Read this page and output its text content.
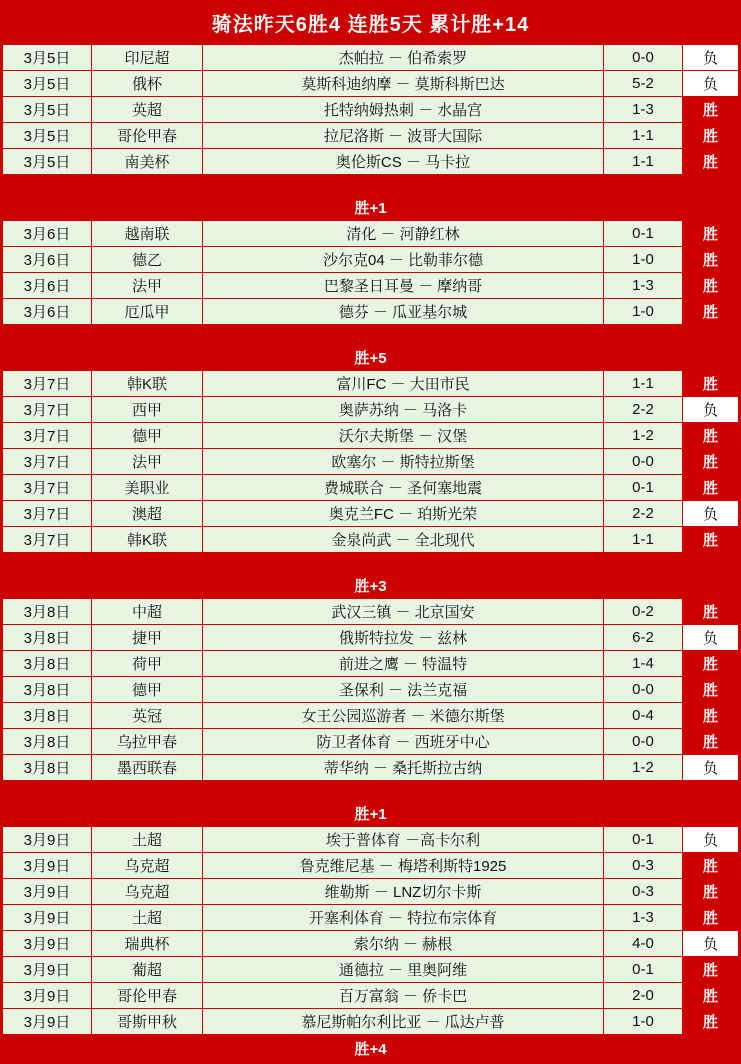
骑法昨天6胜4 连胜5天 累计胜+14
3月5日	印尼超	杰帕拉 － 伯希索罗	0-0	负
3月5日	俄杯	莫斯科迪纳摩 － 莫斯科斯巴达	5-2	负
3月5日	英超	托特纳姆热刺 － 水晶宫	1-3	胜
3月5日	哥伦甲春	拉尼洛斯 － 波哥大国际	1-1	胜
3月5日	南美杯	奥伦斯CS － 马卡拉	1-1	胜

胜+1				
3月6日	越南联	清化 － 河静红林	0-1	胜
3月6日	德乙	沙尔克04 － 比勒菲尔德	1-0	胜
3月6日	法甲	巴黎圣日耳曼 － 摩纳哥	1-3	胜
3月6日	厄瓜甲	德芬 － 瓜亚基尔城	1-0	胜

胜+5				
3月7日	韩K联	富川FC － 大田市民	1-1	胜
3月7日	西甲	奥萨苏纳 － 马洛卡	2-2	负
3月7日	德甲	沃尔夫斯堡 － 汉堡	1-2	胜
3月7日	法甲	欧塞尔 － 斯特拉斯堡	0-0	胜
3月7日	美职业	费城联合 － 圣何塞地震	0-1	胜
3月7日	澳超	奥克兰FC － 珀斯光荣	2-2	负
3月7日	韩K联	金泉尚武 － 全北现代	1-1	胜

胜+3				
3月8日	中超	武汉三镇 － 北京国安	0-2	胜
3月8日	捷甲	俄斯特拉发 － 兹林	6-2	负
3月8日	荷甲	前进之鹰 － 特温特	1-4	胜
3月8日	德甲	圣保利 － 法兰克福	0-0	胜
3月8日	英冠	女王公园巡游者 － 米德尔斯堡	0-4	胜
3月8日	乌拉甲春	防卫者体育 － 西班牙中心	0-0	胜
3月8日	墨西联春	蒂华纳 － 桑托斯拉古纳	1-2	负

胜+1				
3月9日	土超	埃于普体育 －高卡尔利	0-1	负
3月9日	乌克超	鲁克维尼基 － 梅塔利斯特1925	0-3	胜
3月9日	乌克超	维勒斯 － LNZ切尔卡斯	0-3	胜
3月9日	土超	开塞利体育 － 特拉布宗体育	1-3	胜
3月9日	瑞典杯	索尔纳 － 赫根	4-0	负
3月9日	葡超	通德拉 － 里奥阿维	0-1	胜
3月9日	哥伦甲春	百万富翁 － 侨卡巴	2-0	胜
3月9日	哥斯甲秋	慕尼斯帕尔利比亚 － 瓜达卢普	1-0	胜
胜+4				
